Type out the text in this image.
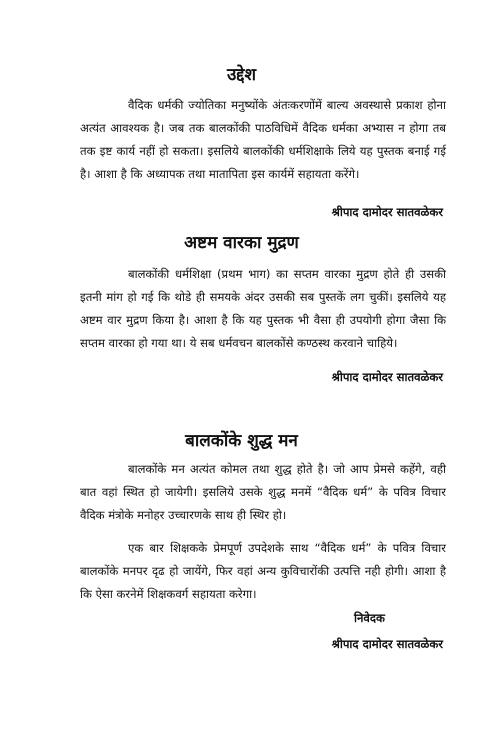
उद्देश

वैदिक धर्मकी ज्योतिका मनुष्योंके अंतःकरणोंमें बाल्य अवस्थासे प्रकाश होना अत्यंत आवश्यक है। जब तक बालकोंकी पाठविधिमें वैदिक धर्मका अभ्यास न होगा तब तक इष्ट कार्य नहीं हो सकता। इसलिये बालकोंकी धर्मशिक्षाके लिये यह पुस्तक बनाई गई है। आशा है कि अध्यापक तथा मातापिता इस कार्यमें सहायता करेंगे।

श्रीपाद दामोदर सातवळेकर

अष्टम वारका मुद्रण

बालकोंकी धर्मशिक्षा (प्रथम भाग) का सप्तम वारका मुद्रण होते ही उसकी इतनी मांग हो गई कि थोडे ही समयके अंदर उसकी सब पुस्तकें लग चुकीं। इसलिये यह अष्टम वार मुद्रण किया है। आशा है कि यह पुस्तक भी वैसा ही उपयोगी होगा जैसा कि सप्तम वारका हो गया था। ये सब धर्मवचन बालकोंसे कण्ठस्थ करवाने चाहिये।

श्रीपाद दामोदर सातवळेकर

बालकोंके शुद्ध मन

बालकोंके मन अत्यंत कोमल तथा शुद्ध होते है। जो आप प्रेमसे कहेंगे, वही बात वहां स्थित हो जायेगी। इसलिये उसके शुद्ध मनमें “वैदिक धर्म” के पवित्र विचार वैदिक मंत्रोके मनोहर उच्चारणके साथ ही स्थिर हो।

एक बार शिक्षकके प्रेमपूर्ण उपदेशके साथ “वैदिक धर्म” के पवित्र विचार बालकोंके मनपर दृढ हो जायेंगे, फिर वहां अन्य कुविचारोंकी उत्पत्ति नही होगी। आशा है कि ऐसा करनेमें शिक्षकवर्ग सहायता करेगा।

निवेदक

श्रीपाद दामोदर सातवळेकर
